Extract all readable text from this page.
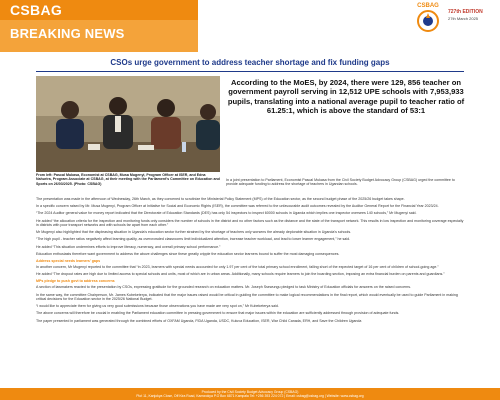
CSBAG
BREAKING NEWS
CSBAG
727th EDITION
27th March 2025
CSOs urge government to address teacher shortage and fix funding gaps
From left: Pascal Mukasa, Economist at CSBAG, Musa Mugenyi, Program Officer at ISER, and Edna Nahurira, Program Associate at CSBAG, at their meeting with the Parliament’s Committee on Education and Sports on 26/03/2025. (Photo: CSBAG)
According to the MoES, by 2024, there were 129, 856 teacher on government payroll serving in 12,512 UPE schools with 7,953,933 pupils, translating into a national average pupil to teacher ratio of 61.25:1, which is above the standard of 53:1
In a joint presentation to Parliament, Economist Pascal Mukasa from the Civil Society Budget Advocacy Group (CSBAG) urged the committee to provide adequate funding to address the shortage of teachers in Ugandan schools.

The presentation was made in the afternoon of Wednesday, 26th March, as they convened to scrutinize the Ministerial Policy Statement (MPS) of the Education sector, as the second budget phase of the 2025/26 budget takes shape.

In a specific concern raised by Mr. Musa Mugenyi, Program Officer at Initiative for Social and Economic Rights (ISER), the committee was referred to the unfavourable audit outcomes revealed by the Auditor General Report for the Financial Year 2023/24.

“The 2024 Auditor general value for money report indicated that the Directorate of Education Standards (DES) has only 54 inspectors to inspect 60000 schools in Uganda which implies one inspector oversees 140 schools,” Mr Mugenyi said.

He added “the allocation criteria for the inspection and monitoring funds only considers the number of schools in the district and no other factors such as the distance and the state of the transport network. This results in low inspection and monitoring coverage especially in districts with poor transport networks and with schools far apart from each other.”

Mr Mugenyi also highlighted that the displeasing situation in Uganda’s education sector further strained by the shortage of teachers only worsens the already deplorable situation in Uganda’s schools.

“The high pupil - teacher ratios negatively affect learning quality, as overcrowded classrooms limit individualized attention, increase teacher workload, and lead to lower learner engagement,” he said.

He added “This situation undermines efforts to improve literacy, numeracy, and overall primary school performance.”

Education enthusiasts therefore want government to address the above challenges since these greatly cripple the education sector learners bound to suffer the most damaging consequences.

Address special needs learners’ gaps

In another concern, Mr Mugenyi reported to the committee that “in 2023, learners with special needs accounted for only 1.97 per cent of the total primary school enrollment, falling short of the expected target of 16 per cent of children of school-going age.”

He added “The dropout rates are high due to limited access to special schools and units, most of which are in urban areas. Additionally, many schools require learners to join the boarding section, imposing an extra financial burden on parents and guardians.”

MPs pledge to push govt to address concerns

A section of lawmakers reacted to the presentation by CSOs, expressing gratitude for the grounded research on education matters. Mr. Joseph Ssewungu pledged to task Ministry of Education officials for answers on the raised concerns.

In the same way, the committee Chairperson, Mr. James Kubeketerya, indicated that the major issues raised would be critical in guiding the committee to make logical recommendations in the final report, which would eventually be used to guide Parliament in making critical decisions for the Education sector in the 2025/26 National Budget.

“I would like to appreciate them for giving us very good submissions because those observations you have made are very spot on,” Mr Kubeketerya said.

The above concerns will therefore be crucial in enabling the Parliament education committee in pressing government to ensure that major issues within the education are sufficiently addressed through provision of adequate funds.

The paper presented in parliament was generated through the combined efforts of OXFAM Uganda, FIDA Uganda, USDC, Kuluva Education, ISER, War Child Canada, ERH, and Save the Children Uganda

Produced by the Civil Society Budget Advocacy Group (CSBAG)
Plot 11, Kanjokya Close, Off Kira Road, Kamwokya P.O Box 6871 Kampala Tel: +256 393 224 072 | Email: csbag@csbag.org | Website: www.csbag.org
